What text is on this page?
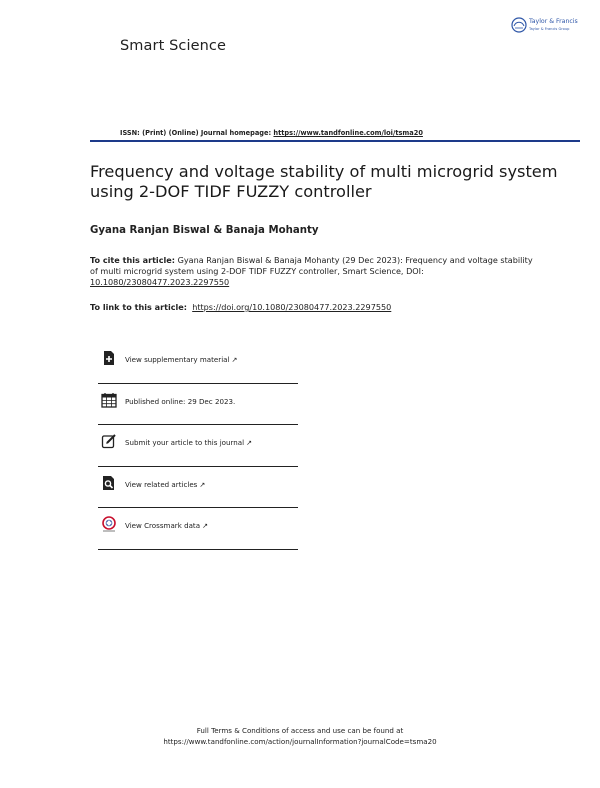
Smart Science
Taylor & Francis
Taylor & Francis Group
ISSN: (Print) (Online) Journal homepage: https://www.tandfonline.com/loi/tsma20
Frequency and voltage stability of multi microgrid system using 2-DOF TIDF FUZZY controller
Gyana Ranjan Biswal & Banaja Mohanty
To cite this article: Gyana Ranjan Biswal & Banaja Mohanty (29 Dec 2023): Frequency and voltage stability of multi microgrid system using 2-DOF TIDF FUZZY controller, Smart Science, DOI: 10.1080/23080477.2023.2297550
To link to this article: https://doi.org/10.1080/23080477.2023.2297550
View supplementary material ↗
Published online: 29 Dec 2023.
Submit your article to this journal ↗
View related articles ↗
View Crossmark data ↗
Full Terms & Conditions of access and use can be found at
https://www.tandfonline.com/action/journalInformation?journalCode=tsma20
